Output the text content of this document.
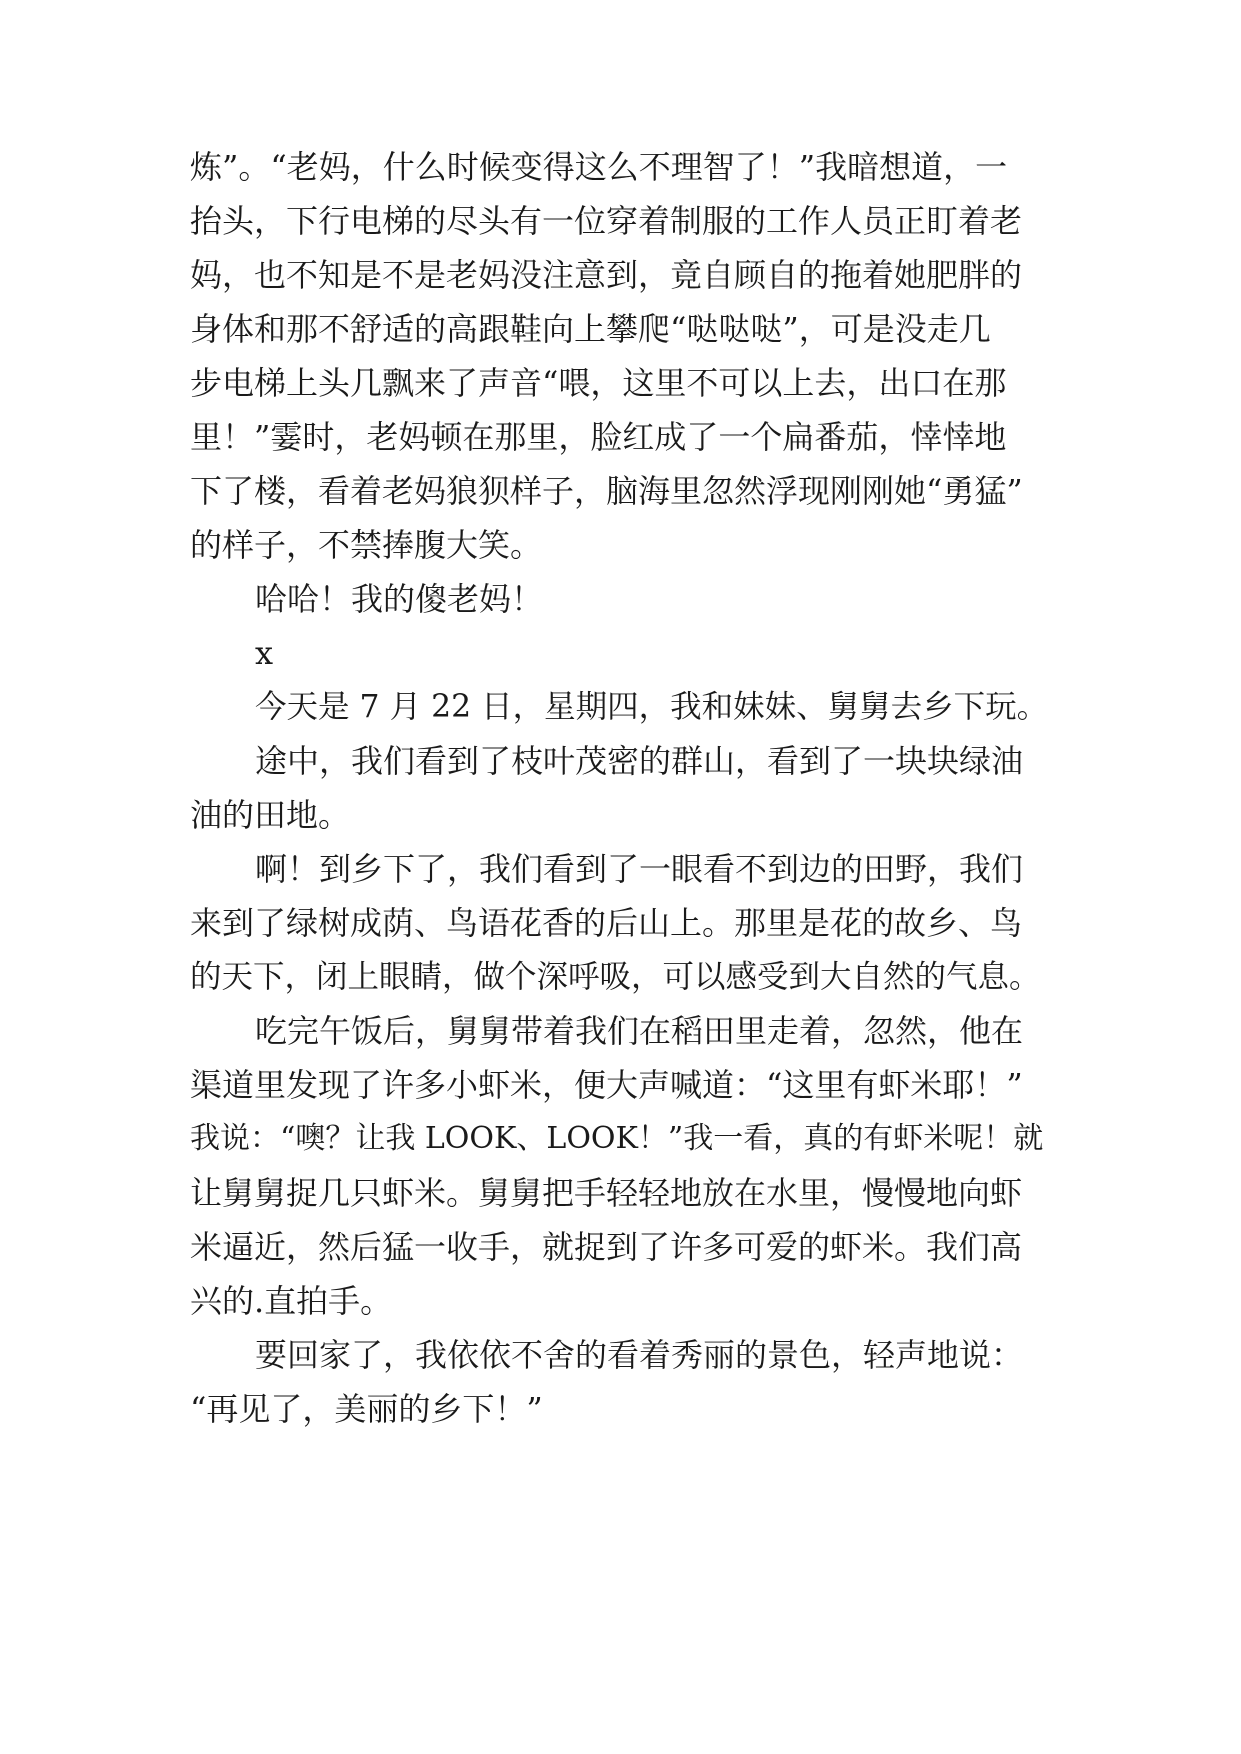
炼”。“老妈，什么时候变得这么不理智了！”我暗想道，一
抬头，下行电梯的尽头有一位穿着制服的工作人员正盯着老
妈，也不知是不是老妈没注意到，竟自顾自的拖着她肥胖的
身体和那不舒适的高跟鞋向上攀爬“哒哒哒”，可是没走几
步电梯上头几飘来了声音“喂，这里不可以上去，出口在那
里！”霎时，老妈顿在那里，脸红成了一个扁番茄，悻悻地
下了楼，看着老妈狼狈样子，脑海里忽然浮现刚刚她“勇猛”
的样子，不禁捧腹大笑。
哈哈！我的傻老妈！
x
今天是 7 月 22 日，星期四，我和妹妹、舅舅去乡下玩。
途中，我们看到了枝叶茂密的群山，看到了一块块绿油
油的田地。
啊！到乡下了，我们看到了一眼看不到边的田野，我们
来到了绿树成荫、鸟语花香的后山上。那里是花的故乡、鸟
的天下，闭上眼睛，做个深呼吸，可以感受到大自然的气息。
吃完午饭后，舅舅带着我们在稻田里走着，忽然，他在
渠道里发现了许多小虾米，便大声喊道：“这里有虾米耶！”
我说：“噢？让我 LOOK、LOOK！”我一看，真的有虾米呢！就
让舅舅捉几只虾米。舅舅把手轻轻地放在水里，慢慢地向虾
米逼近，然后猛一收手，就捉到了许多可爱的虾米。我们高
兴的.直拍手。
要回家了，我依依不舍的看着秀丽的景色，轻声地说：
“再见了，美丽的乡下！”
